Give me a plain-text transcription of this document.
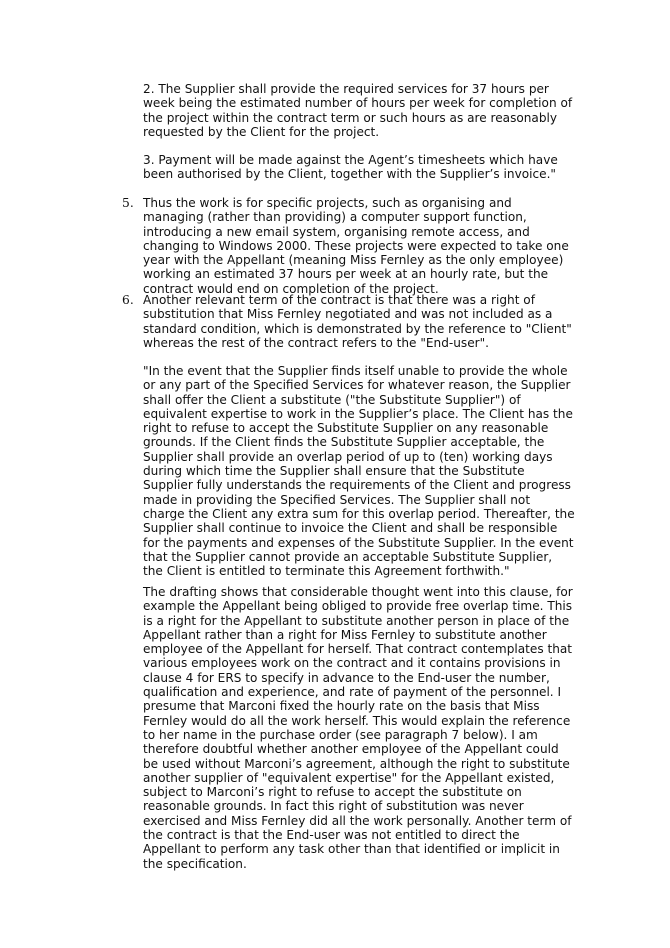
2. The Supplier shall provide the required services for 37 hours per week being the estimated number of hours per week for completion of the project within the contract term or such hours as are reasonably requested by the Client for the project.

3. Payment will be made against the Agent’s timesheets which have been authorised by the Client, together with the Supplier’s invoice."

5. Thus the work is for specific projects, such as organising and managing (rather than providing) a computer support function, introducing a new email system, organising remote access, and changing to Windows 2000. These projects were expected to take one year with the Appellant (meaning Miss Fernley as the only employee) working an estimated 37 hours per week at an hourly rate, but the contract would end on completion of the project.

6. Another relevant term of the contract is that there was a right of substitution that Miss Fernley negotiated and was not included as a standard condition, which is demonstrated by the reference to "Client" whereas the rest of the contract refers to the "End-user".

"In the event that the Supplier finds itself unable to provide the whole or any part of the Specified Services for whatever reason, the Supplier shall offer the Client a substitute ("the Substitute Supplier") of equivalent expertise to work in the Supplier’s place. The Client has the right to refuse to accept the Substitute Supplier on any reasonable grounds. If the Client finds the Substitute Supplier acceptable, the Supplier shall provide an overlap period of up to (ten) working days during which time the Supplier shall ensure that the Substitute Supplier fully understands the requirements of the Client and progress made in providing the Specified Services. The Supplier shall not charge the Client any extra sum for this overlap period. Thereafter, the Supplier shall continue to invoice the Client and shall be responsible for the payments and expenses of the Substitute Supplier. In the event that the Supplier cannot provide an acceptable Substitute Supplier, the Client is entitled to terminate this Agreement forthwith."

The drafting shows that considerable thought went into this clause, for example the Appellant being obliged to provide free overlap time. This is a right for the Appellant to substitute another person in place of the Appellant rather than a right for Miss Fernley to substitute another employee of the Appellant for herself. That contract contemplates that various employees work on the contract and it contains provisions in clause 4 for ERS to specify in advance to the End-user the number, qualification and experience, and rate of payment of the personnel. I presume that Marconi fixed the hourly rate on the basis that Miss Fernley would do all the work herself. This would explain the reference to her name in the purchase order (see paragraph 7 below). I am therefore doubtful whether another employee of the Appellant could be used without Marconi’s agreement, although the right to substitute another supplier of "equivalent expertise" for the Appellant existed, subject to Marconi’s right to refuse to accept the substitute on reasonable grounds. In fact this right of substitution was never exercised and Miss Fernley did all the work personally. Another term of the contract is that the End-user was not entitled to direct the Appellant to perform any task other than that identified or implicit in the specification.
